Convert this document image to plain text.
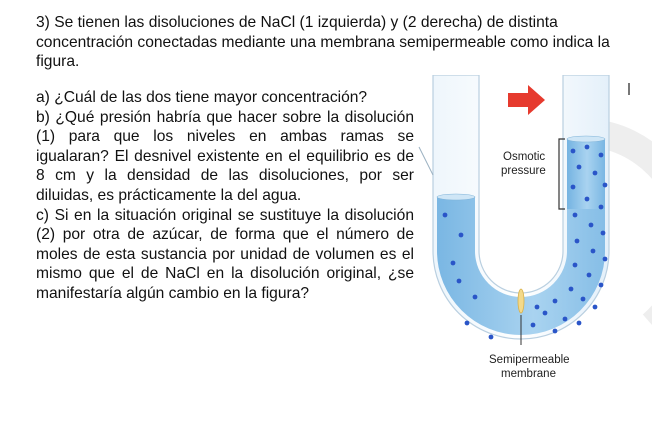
3) Se tienen las disoluciones de NaCl (1 izquierda) y (2 derecha) de distinta concentración conectadas mediante una membrana semipermeable como indica la figura.

a) ¿Cuál de las dos tiene mayor concentración?

b) ¿Qué presión habría que hacer sobre la disolución (1) para que los niveles en ambas ramas se igualaran? El desnivel existente en el equilibrio es de 8 cm y la densidad de las disoluciones, por ser diluidas, es prácticamente la del agua.

c) Si en la situación original se sustituye la disolución (2) por otra de azúcar, de forma que el número de moles de esta sustancia por unidad de volumen es el mismo que el de NaCl en la disolución original, ¿se manifestaría algún cambio en la figura?

Osmotic
pressure
Semipermeable
membrane
